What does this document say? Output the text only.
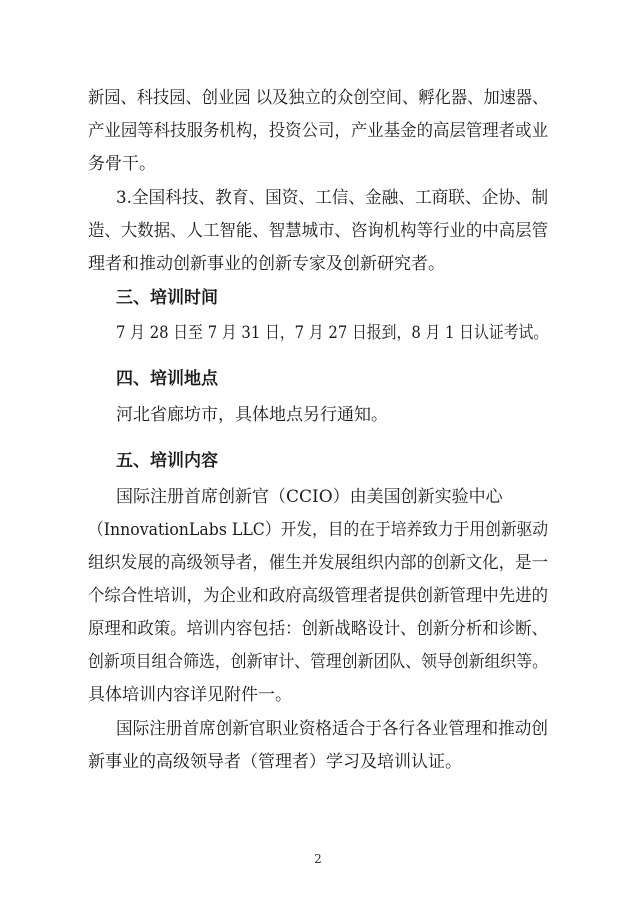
新园、科技园、创业园 以及独立的众创空间、孵化器、加速器、
产业园等科技服务机构，投资公司，产业基金的高层管理者或业
务骨干。
3.全国科技、教育、国资、工信、金融、工商联、企协、制
造、大数据、人工智能、智慧城市、咨询机构等行业的中高层管
理者和推动创新事业的创新专家及创新研究者。
三、培训时间
7 月 28 日至 7 月 31 日，7 月 27 日报到，8 月 1 日认证考试。
四、培训地点
河北省廊坊市，具体地点另行通知。
五、培训内容
国际注册首席创新官（CCIO）由美国创新实验中心
（InnovationLabs LLC）开发，目的在于培养致力于用创新驱动
组织发展的高级领导者，催生并发展组织内部的创新文化，是一
个综合性培训，为企业和政府高级管理者提供创新管理中先进的
原理和政策。培训内容包括：创新战略设计、创新分析和诊断、
创新项目组合筛选，创新审计、管理创新团队、领导创新组织等。
具体培训内容详见附件一。
国际注册首席创新官职业资格适合于各行各业管理和推动创
新事业的高级领导者（管理者）学习及培训认证。
2
